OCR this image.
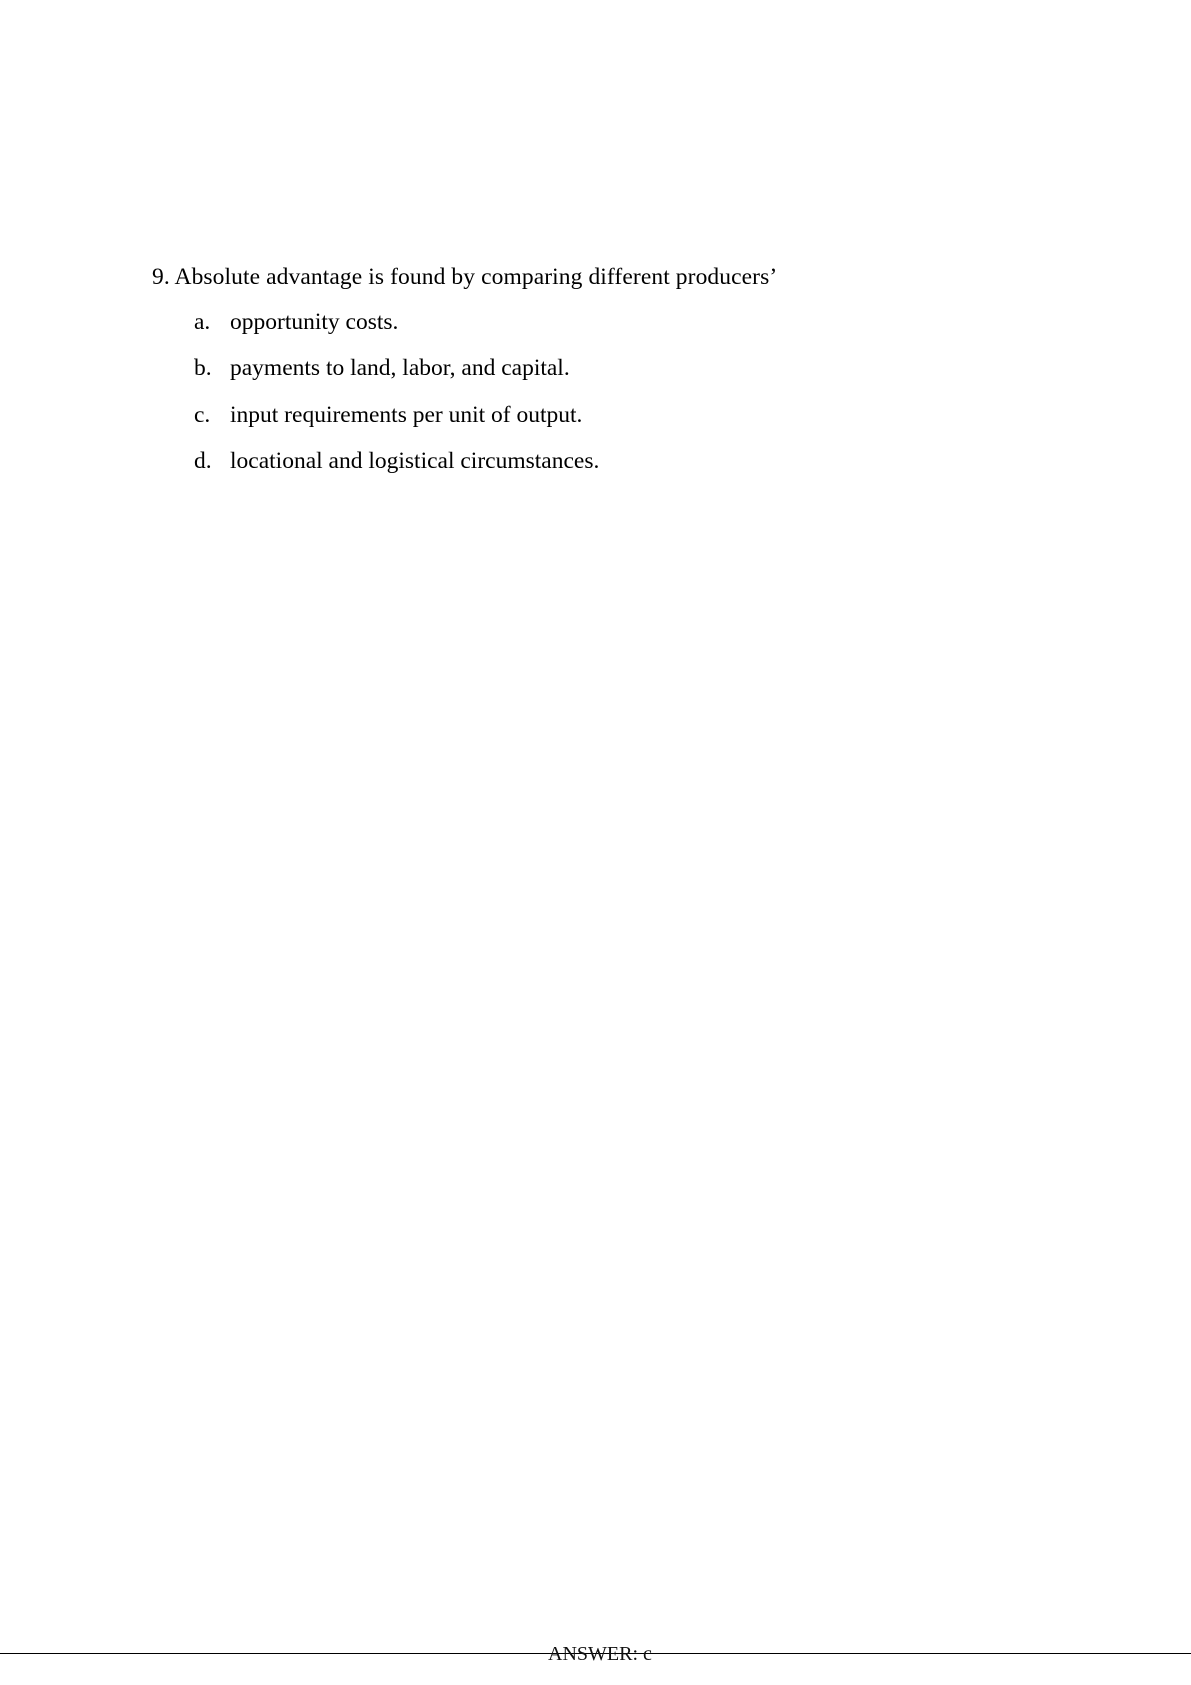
9. Absolute advantage is found by comparing different producers’
a. opportunity costs.
b. payments to land, labor, and capital.
c. input requirements per unit of output.
d. locational and logistical circumstances.
ANSWER: c
